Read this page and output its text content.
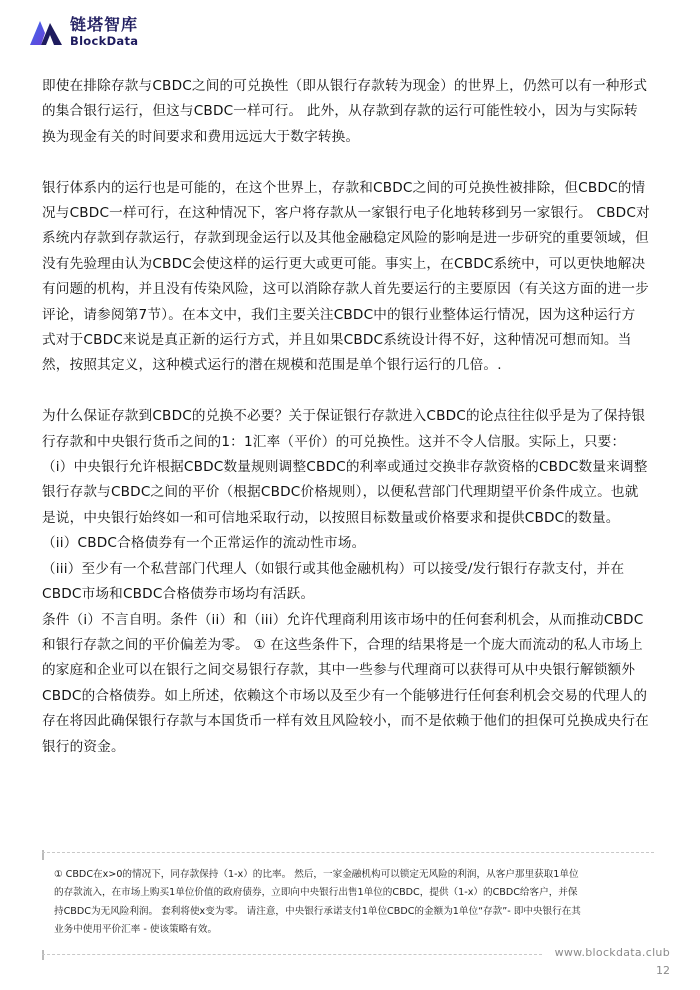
链塔智库
BlockData

即使在排除存款与CBDC之间的可兑换性（即从银行存款转为现金）的世界上，仍然可以有一种形式
的集合银行运行，但这与CBDC一样可行。 此外，从存款到存款的运行可能性较小，因为与实际转
换为现金有关的时间要求和费用远远大于数字转换。

银行体系内的运行也是可能的，在这个世界上，存款和CBDC之间的可兑换性被排除，但CBDC的情
况与CBDC一样可行，在这种情况下，客户将存款从一家银行电子化地转移到另一家银行。 CBDC对
系统内存款到存款运行，存款到现金运行以及其他金融稳定风险的影响是进一步研究的重要领域，但
没有先验理由认为CBDC会使这样的运行更大或更可能。事实上，在CBDC系统中，可以更快地解决
有问题的机构，并且没有传染风险，这可以消除存款人首先要运行的主要原因（有关这方面的进一步
评论，请参阅第7节）。在本文中，我们主要关注CBDC中的银行业整体运行情况，因为这种运行方
式对于CBDC来说是真正新的运行方式，并且如果CBDC系统设计得不好，这种情况可想而知。当
然，按照其定义，这种模式运行的潜在规模和范围是单个银行运行的几倍。.

为什么保证存款到CBDC的兑换不必要？关于保证银行存款进入CBDC的论点往往似乎是为了保持银
行存款和中央银行货币之间的1：1汇率（平价）的可兑换性。这并不令人信服。实际上，只要：
（i）中央银行允许根据CBDC数量规则调整CBDC的利率或通过交换非存款资格的CBDC数量来调整
银行存款与CBDC之间的平价（根据CBDC价格规则），以便私营部门代理期望平价条件成立。也就
是说，中央银行始终如一和可信地采取行动，以按照目标数量或价格要求和提供CBDC的数量。
（ii）CBDC合格债券有一个正常运作的流动性市场。
（iii）至少有一个私营部门代理人（如银行或其他金融机构）可以接受/发行银行存款支付，并在
CBDC市场和CBDC合格债券市场均有活跃。
条件（i）不言自明。条件（ii）和（iii）允许代理商利用该市场中的任何套利机会，从而推动CBDC
和银行存款之间的平价偏差为零。 ① 在这些条件下，合理的结果将是一个庞大而流动的私人市场上
的家庭和企业可以在银行之间交易银行存款，其中一些参与代理商可以获得可从中央银行解锁额外
CBDC的合格债券。如上所述，依赖这个市场以及至少有一个能够进行任何套利机会交易的代理人的
存在将因此确保银行存款与本国货币一样有效且风险较小，而不是依赖于他们的担保可兑换成央行在
银行的资金。

① CBDC在x>0的情况下，同存款保持（1-x）的比率。 然后，一家金融机构可以锁定无风险的利润，从客户那里获取1单位
的存款流入，在市场上购买1单位价值的政府债券，立即向中央银行出售1单位的CBDC，提供（1-x）的CBDC给客户，并保
持CBDC为无风险利润。 套利将使x变为零。 请注意，中央银行承诺支付1单位CBDC的金额为1单位“存款”- 即中央银行在其
业务中使用平价汇率 - 使该策略有效。
www.blockdata.club
12
